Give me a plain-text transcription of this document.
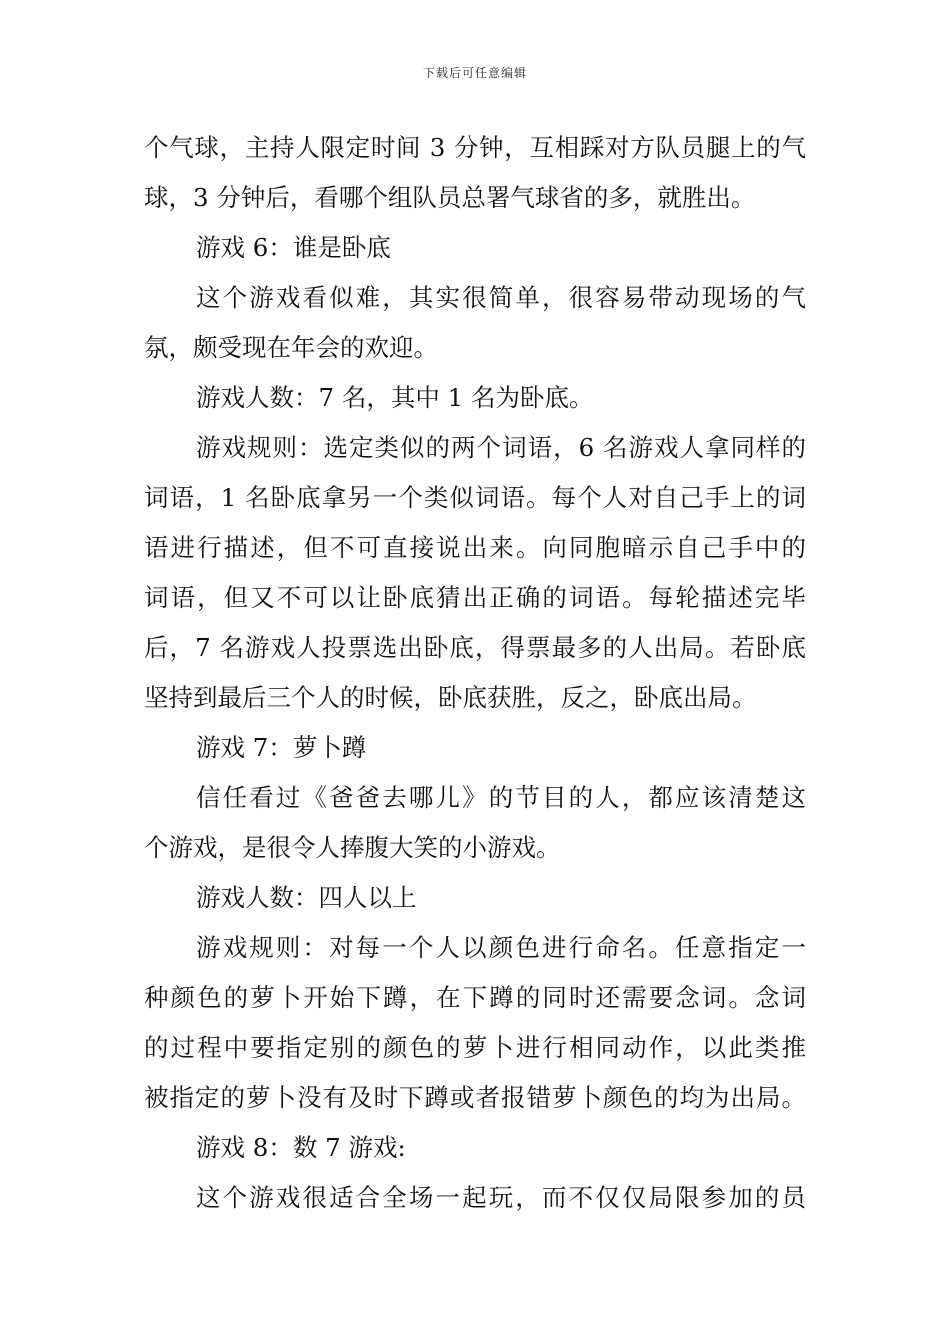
下载后可任意编辑
个气球，主持人限定时间 3 分钟，互相踩对方队员腿上的气
球，3 分钟后，看哪个组队员总署气球省的多，就胜出。
游戏 6：谁是卧底
这个游戏看似难，其实很简单，很容易带动现场的气
氛，颇受现在年会的欢迎。
游戏人数：7 名，其中 1 名为卧底。
游戏规则：选定类似的两个词语，6 名游戏人拿同样的
词语，1 名卧底拿另一个类似词语。每个人对自己手上的词
语进行描述，但不可直接说出来。向同胞暗示自己手中的
词语，但又不可以让卧底猜出正确的词语。每轮描述完毕
后，7 名游戏人投票选出卧底，得票最多的人出局。若卧底
坚持到最后三个人的时候，卧底获胜，反之，卧底出局。
游戏 7：萝卜蹲
信任看过《爸爸去哪儿》的节目的人，都应该清楚这
个游戏，是很令人捧腹大笑的小游戏。
游戏人数：四人以上
游戏规则：对每一个人以颜色进行命名。任意指定一
种颜色的萝卜开始下蹲，在下蹲的同时还需要念词。念词
的过程中要指定别的颜色的萝卜进行相同动作，以此类推
被指定的萝卜没有及时下蹲或者报错萝卜颜色的均为出局。
游戏 8：数 7 游戏:
这个游戏很适合全场一起玩，而不仅仅局限参加的员
